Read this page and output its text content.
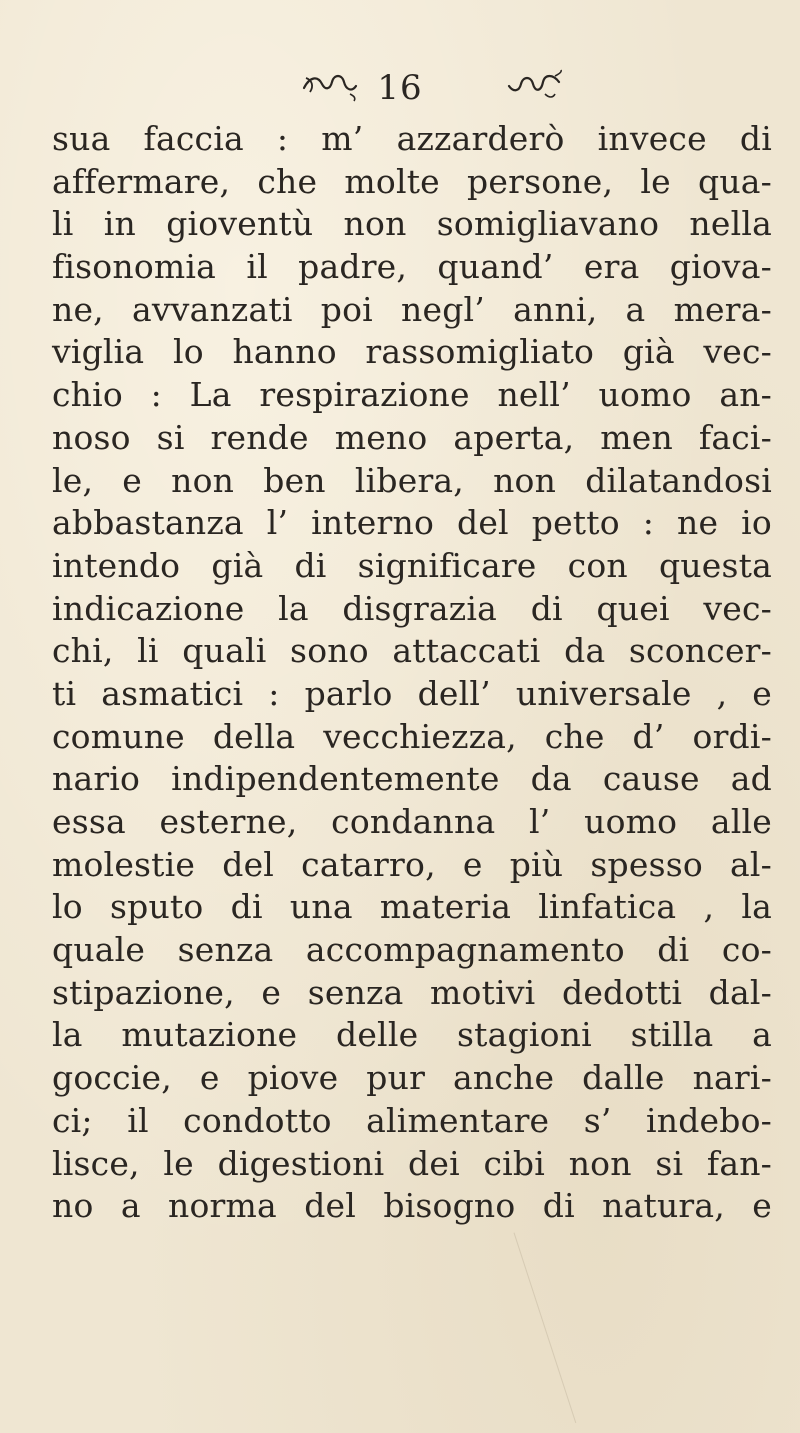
16
sua faccia : m’ azzarderò invece di
affermare, che molte persone, le qua-
li in gioventù non somigliavano nella
fisonomia il padre, quand’ era giova-
ne, avvanzati poi negl’ anni, a mera-
viglia lo hanno rassomigliato già vec-
chio : La respirazione nell’ uomo an-
noso si rende meno aperta, men faci-
le, e non ben libera, non dilatandosi
abbastanza l’ interno del petto : ne io
intendo già di significare con questa
indicazione la disgrazia di quei vec-
chi, li quali sono attaccati da sconcer-
ti asmatici : parlo dell’ universale , e
comune della vecchiezza, che d’ ordi-
nario indipendentemente da cause ad
essa esterne, condanna l’ uomo alle
molestie del catarro, e più spesso al-
lo sputo di una materia linfatica , la
quale senza accompagnamento di co-
stipazione, e senza motivi dedotti dal-
la mutazione delle stagioni stilla a
goccie, e piove pur anche dalle nari-
ci; il condotto alimentare s’ indebo-
lisce, le digestioni dei cibi non si fan-
no a norma del bisogno di natura, e
